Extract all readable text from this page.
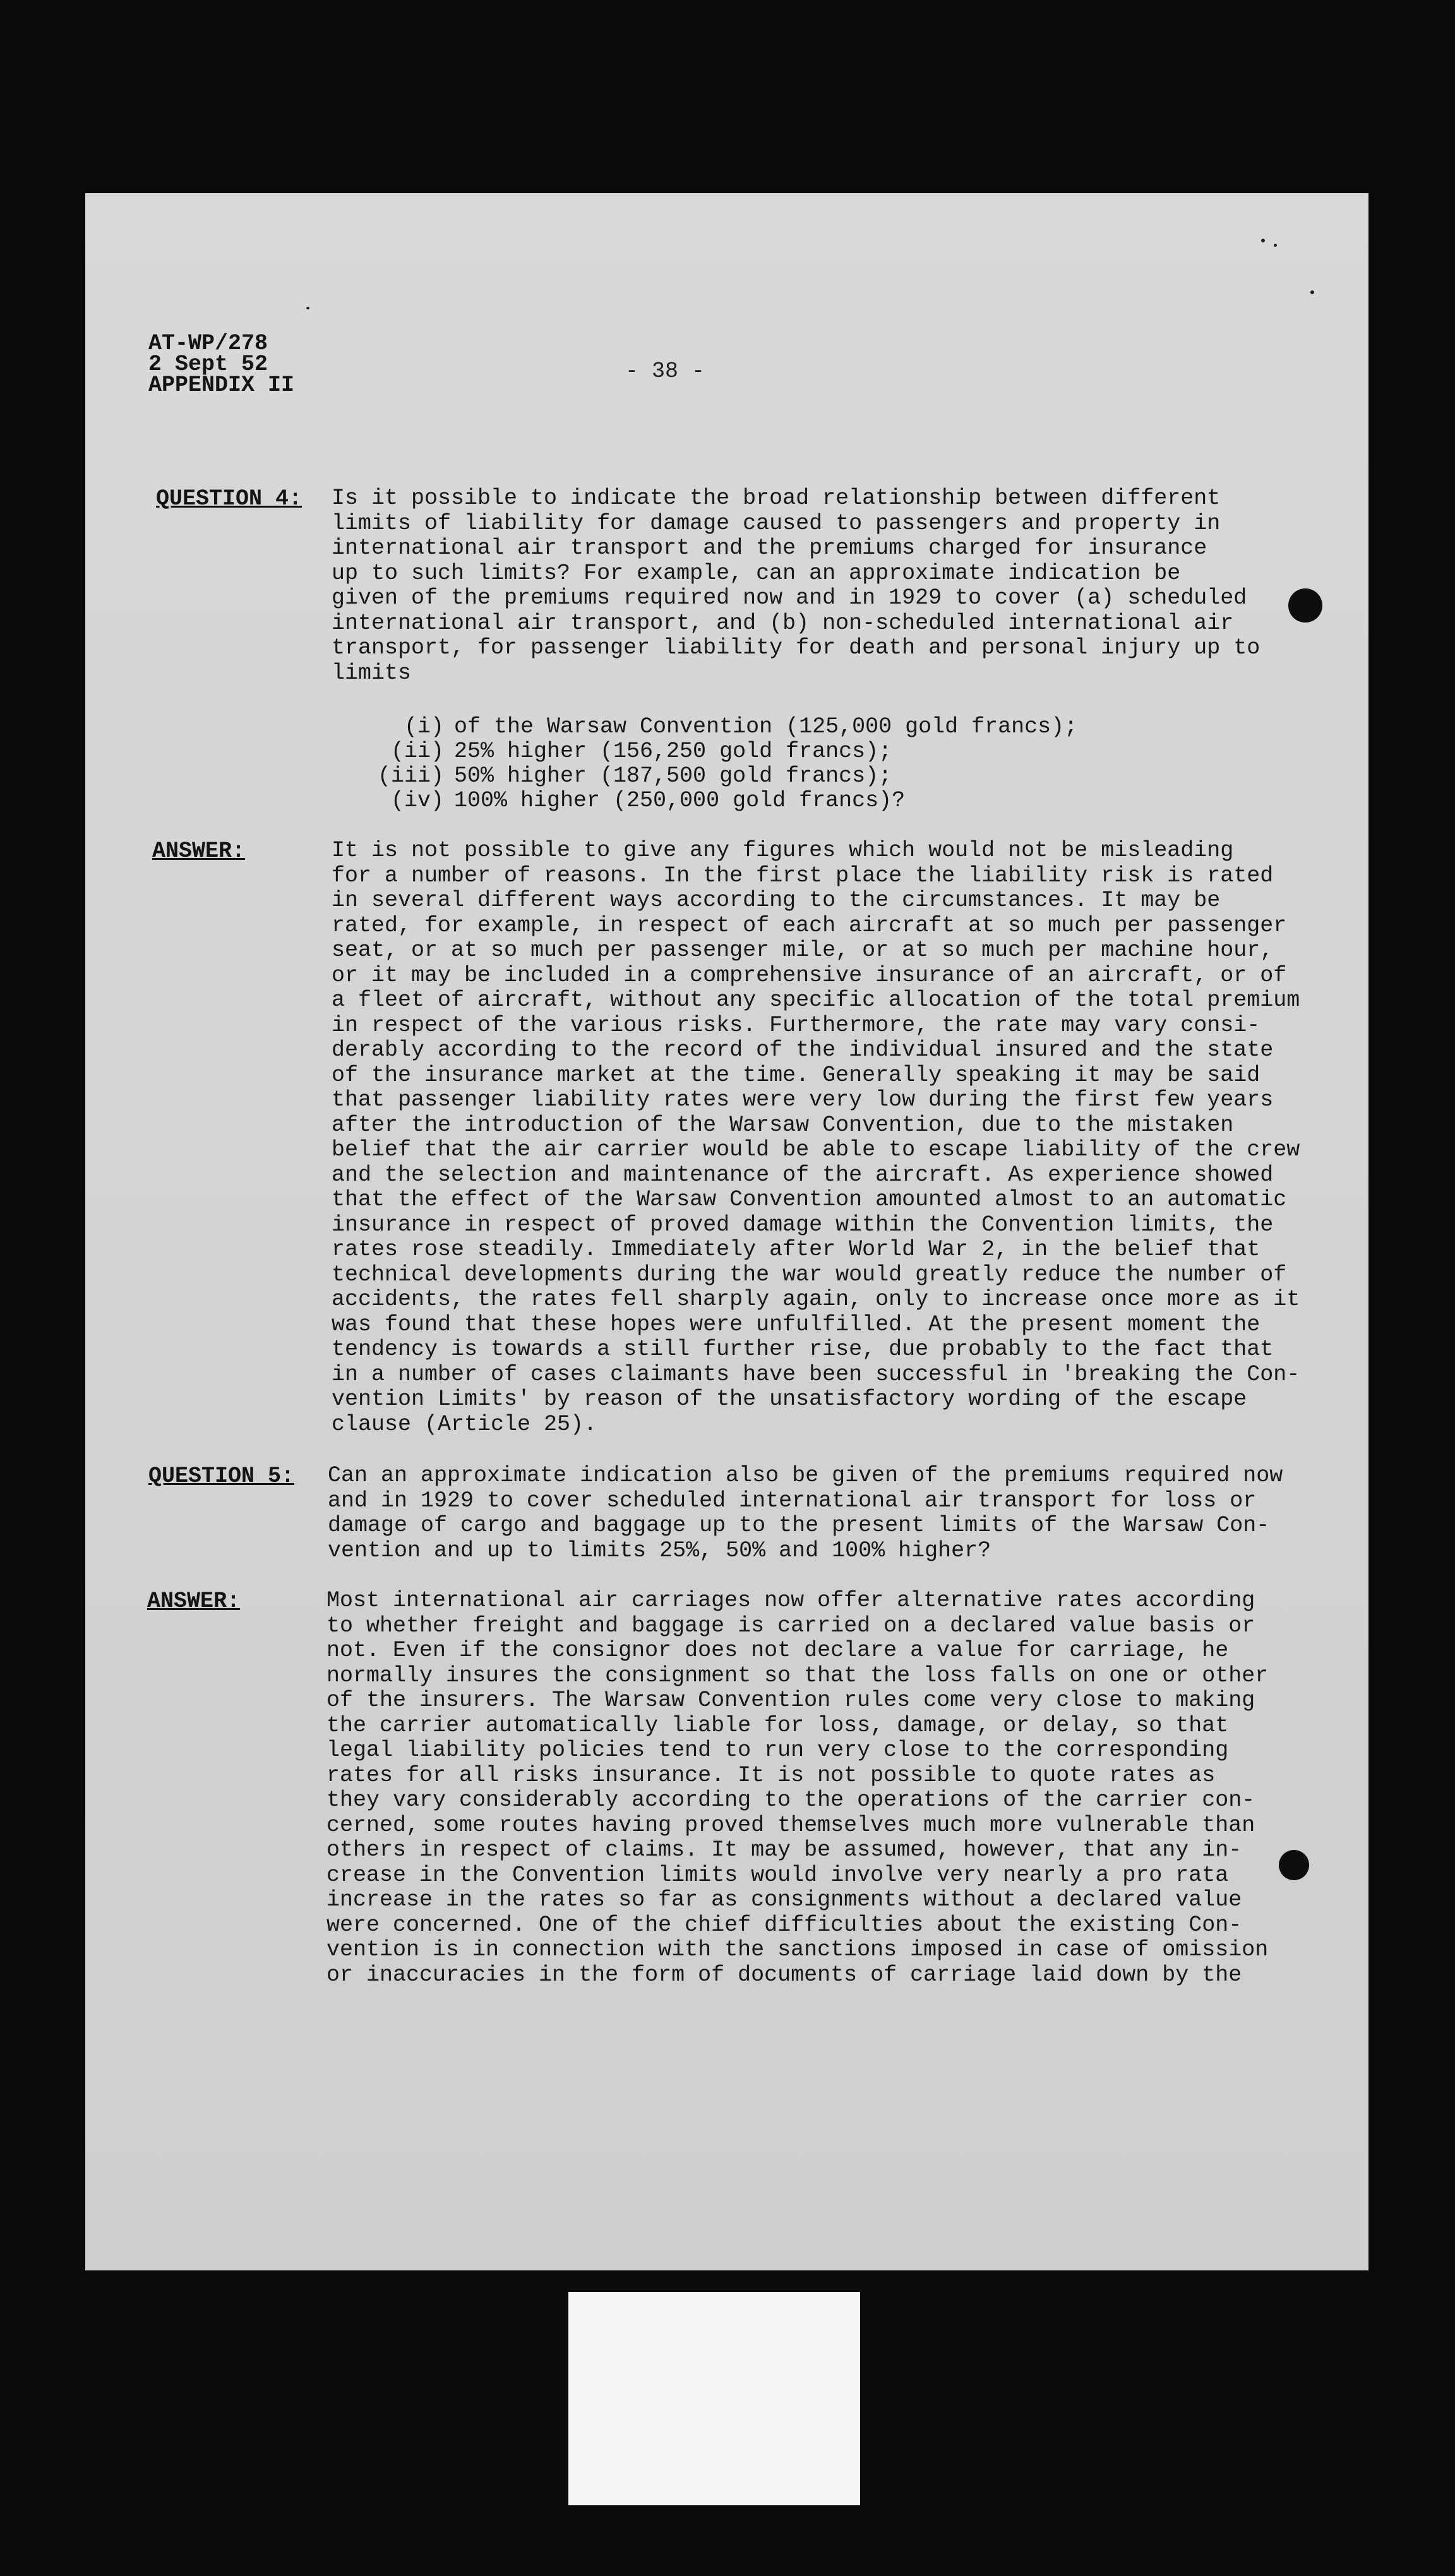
AT-WP/278
2 Sept 52
APPENDIX II
- 38 -
QUESTION 4: Is it possible to indicate the broad relationship between different
limits of liability for damage caused to passengers and property in
international air transport and the premiums charged for insurance
up to such limits? For example, can an approximate indication be
given of the premiums required now and in 1929 to cover (a) scheduled
international air transport, and (b) non-scheduled international air
transport, for passenger liability for death and personal injury up to
limits
(i) of the Warsaw Convention (125,000 gold francs);
(ii) 25% higher (156,250 gold francs);
(iii) 50% higher (187,500 gold francs);
(iv) 100% higher (250,000 gold francs)?
ANSWER:	It is not possible to give any figures which would not be misleading
for a number of reasons. In the first place the liability risk is rated
in several different ways according to the circumstances. It may be
rated, for example, in respect of each aircraft at so much per passenger
seat, or at so much per passenger mile, or at so much per machine hour,
or it may be included in a comprehensive insurance of an aircraft, or of
a fleet of aircraft, without any specific allocation of the total premium
in respect of the various risks. Furthermore, the rate may vary consi-
derably according to the record of the individual insured and the state
of the insurance market at the time. Generally speaking it may be said
that passenger liability rates were very low during the first few years
after the introduction of the Warsaw Convention, due to the mistaken
belief that the air carrier would be able to escape liability of the crew
and the selection and maintenance of the aircraft. As experience showed
that the effect of the Warsaw Convention amounted almost to an automatic
insurance in respect of proved damage within the Convention limits, the
rates rose steadily. Immediately after World War 2, in the belief that
technical developments during the war would greatly reduce the number of
accidents, the rates fell sharply again, only to increase once more as it
was found that these hopes were unfulfilled. At the present moment the
tendency is towards a still further rise, due probably to the fact that
in a number of cases claimants have been successful in 'breaking the Con-
vention Limits' by reason of the unsatisfactory wording of the escape
clause (Article 25).
QUESTION 5: Can an approximate indication also be given of the premiums required now
and in 1929 to cover scheduled international air transport for loss or
damage of cargo and baggage up to the present limits of the Warsaw Con-
vention and up to limits 25%, 50% and 100% higher?
ANSWER:	Most international air carriages now offer alternative rates according
to whether freight and baggage is carried on a declared value basis or
not. Even if the consignor does not declare a value for carriage, he
normally insures the consignment so that the loss falls on one or other
of the insurers. The Warsaw Convention rules come very close to making
the carrier automatically liable for loss, damage, or delay, so that
legal liability policies tend to run very close to the corresponding
rates for all risks insurance. It is not possible to quote rates as
they vary considerably according to the operations of the carrier con-
cerned, some routes having proved themselves much more vulnerable than
others in respect of claims. It may be assumed, however, that any in-
crease in the Convention limits would involve very nearly a pro rata
increase in the rates so far as consignments without a declared value
were concerned. One of the chief difficulties about the existing Con-
vention is in connection with the sanctions imposed in case of omission
or inaccuracies in the form of documents of carriage laid down by the
